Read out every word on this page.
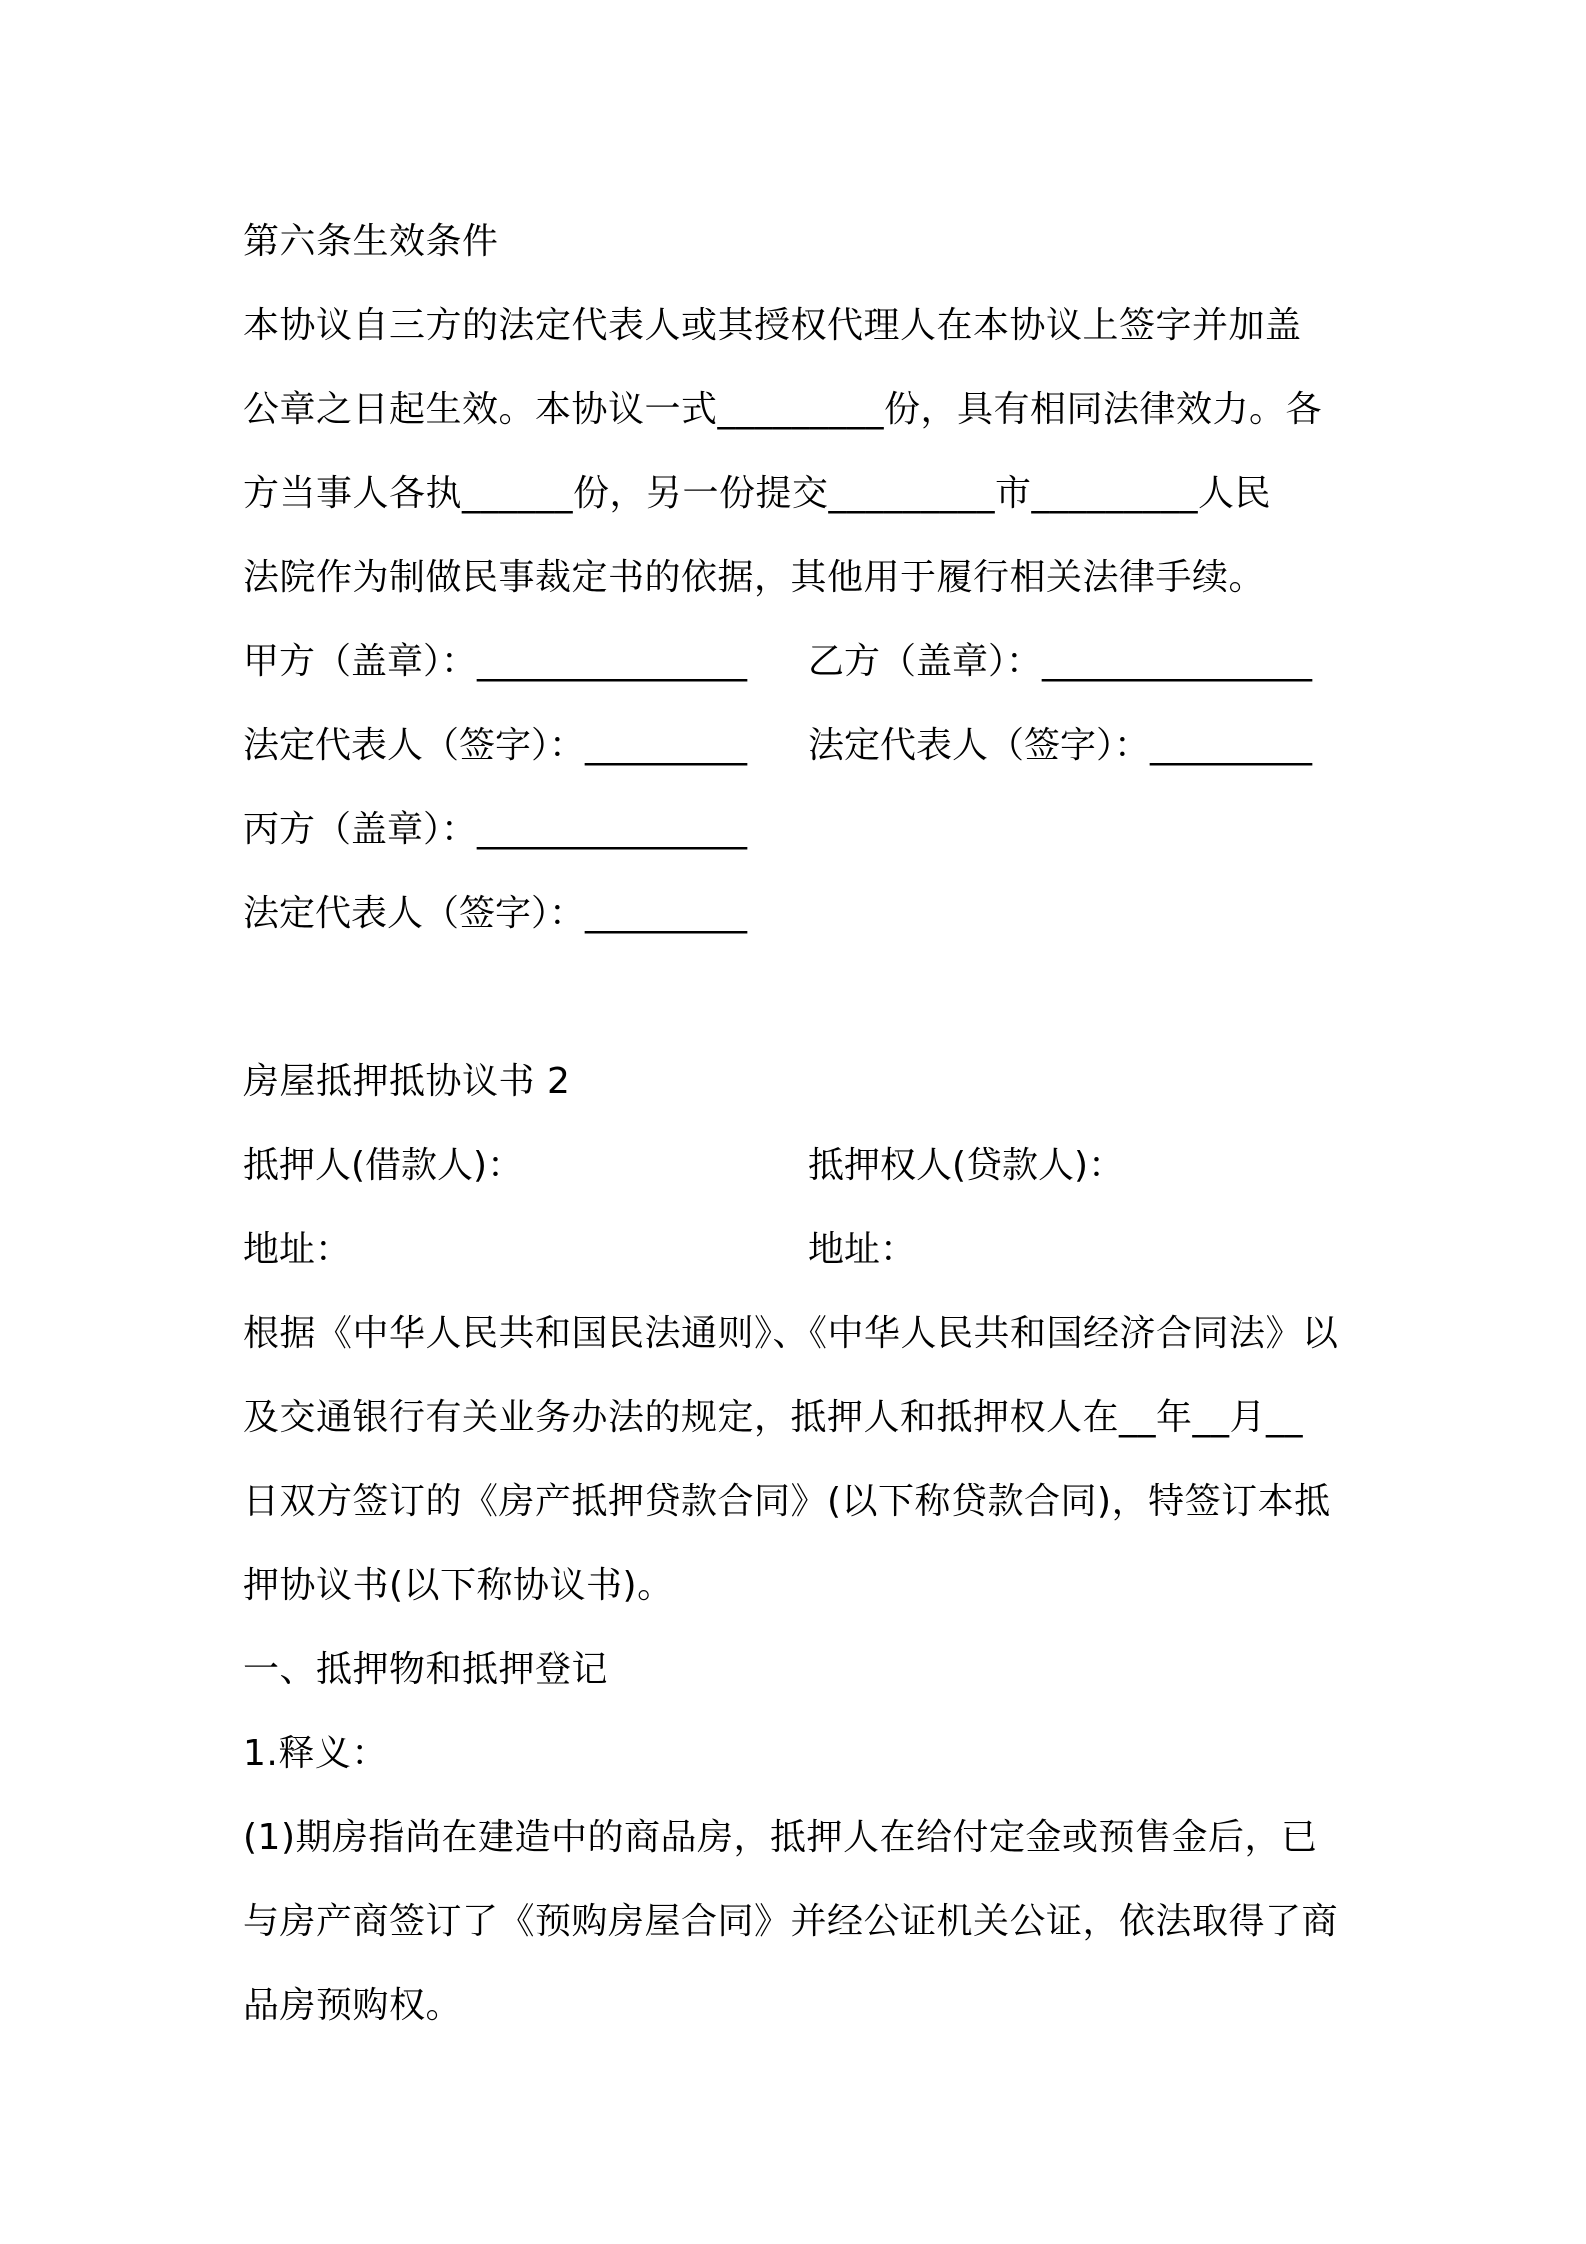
第六条生效条件
本协议自三方的法定代表人或其授权代理人在本协议上签字并加盖
公章之日起生效。本协议一式_________份，具有相同法律效力。各
方当事人各执______份，另一份提交_________市_________人民
法院作为制做民事裁定书的依据，其他用于履行相关法律手续。
甲方（盖章）：_______________	乙方（盖章）：_______________
法定代表人（签字）：_________	法定代表人（签字）：_________
丙方（盖章）：_______________
法定代表人（签字）：_________
房屋抵押抵协议书 2
抵押人(借款人)：	抵押权人(贷款人)：
地址：	地址：
根据《中华人民共和国民法通则》、《中华人民共和国经济合同法》以
及交通银行有关业务办法的规定，抵押人和抵押权人在__年__月__
日双方签订的《房产抵押贷款合同》(以下称贷款合同)，特签订本抵
押协议书(以下称协议书)。
一、抵押物和抵押登记
1.释义：
(1)期房指尚在建造中的商品房，抵押人在给付定金或预售金后，已
与房产商签订了《预购房屋合同》并经公证机关公证，依法取得了商
品房预购权。
